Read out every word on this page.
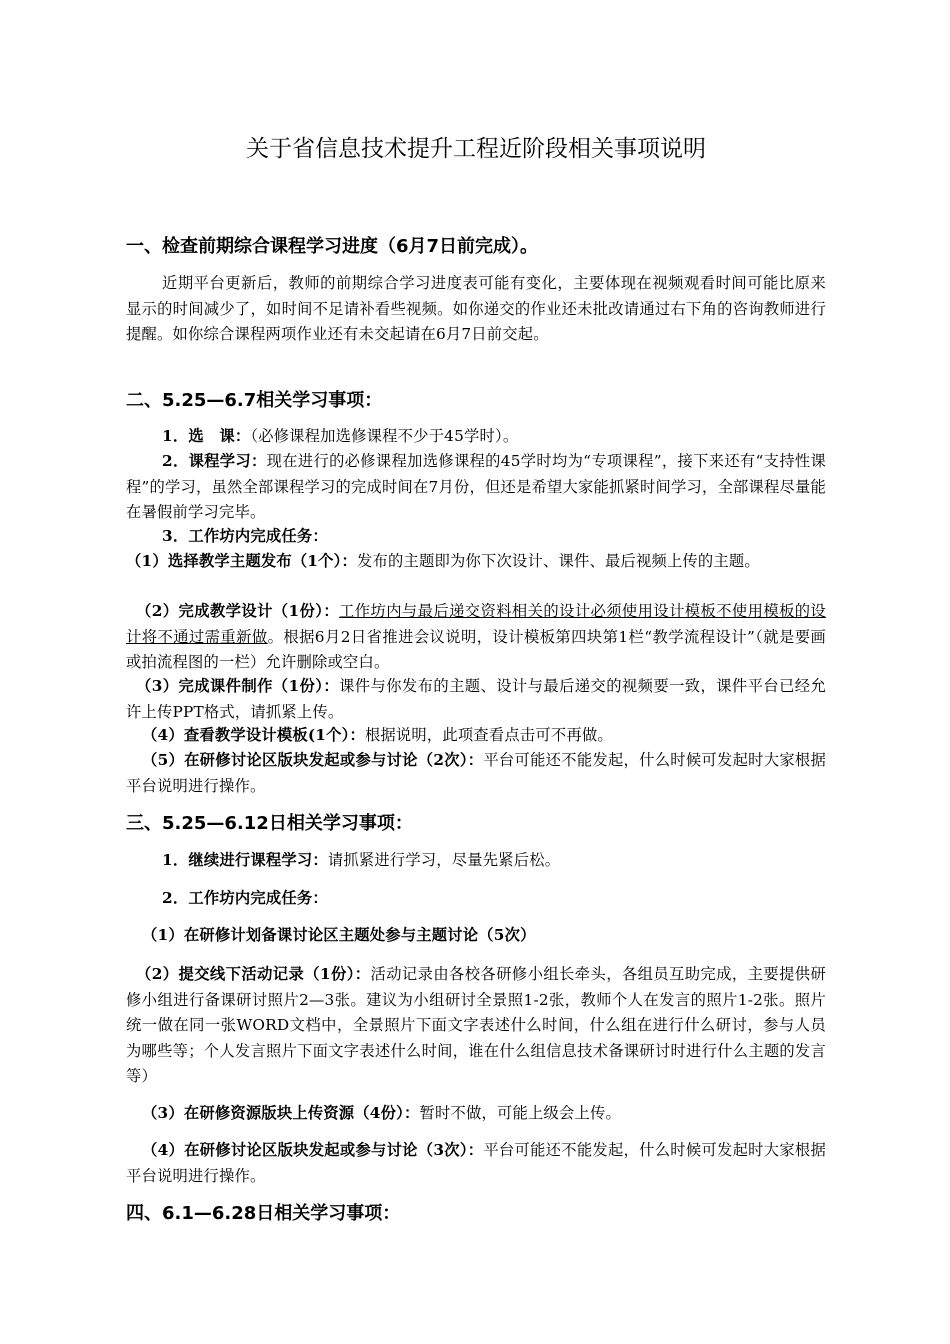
关于省信息技术提升工程近阶段相关事项说明
一、检查前期综合课程学习进度（6月7日前完成）。
近期平台更新后，教师的前期综合学习进度表可能有变化，主要体现在视频观看时间可能比原来显示的时间减少了，如时间不足请补看些视频。如你递交的作业还未批改请通过右下角的咨询教师进行提醒。如你综合课程两项作业还有未交起请在6月7日前交起。
二、5.25—6.7相关学习事项：
1．选　课：（必修课程加选修课程不少于45学时）。
2．课程学习：现在进行的必修课程加选修课程的45学时均为“专项课程”，接下来还有“支持性课程”的学习，虽然全部课程学习的完成时间在7月份，但还是希望大家能抓紧时间学习，全部课程尽量能在暑假前学习完毕。
3．工作坊内完成任务：
（1）选择教学主题发布（1个）：发布的主题即为你下次设计、课件、最后视频上传的主题。
（2）完成教学设计（1份）：工作坊内与最后递交资料相关的设计必须使用设计模板不使用模板的设计将不通过需重新做。根据6月2日省推进会议说明，设计模板第四块第1栏“教学流程设计”（就是要画或拍流程图的一栏）允许删除或空白。
（3）完成课件制作（1份）：课件与你发布的主题、设计与最后递交的视频要一致，课件平台已经允许上传PPT格式，请抓紧上传。
（4）查看教学设计模板(1个）：根据说明，此项查看点击可不再做。
（5）在研修讨论区版块发起或参与讨论（2次）：平台可能还不能发起，什么时候可发起时大家根据平台说明进行操作。
三、5.25—6.12日相关学习事项：
1．继续进行课程学习：请抓紧进行学习，尽量先紧后松。
2．工作坊内完成任务：
（1）在研修计划备课讨论区主题处参与主题讨论（5次）
（2）提交线下活动记录（1份）：活动记录由各校各研修小组长牵头，各组员互助完成，主要提供研修小组进行备课研讨照片2—3张。建议为小组研讨全景照1-2张，教师个人在发言的照片1-2张。照片统一做在同一张WORD文档中，全景照片下面文字表述什么时间，什么组在进行什么研讨，参与人员为哪些等；个人发言照片下面文字表述什么时间，谁在什么组信息技术备课研讨时进行什么主题的发言等）
（3）在研修资源版块上传资源（4份）：暂时不做，可能上级会上传。
（4）在研修讨论区版块发起或参与讨论（3次）：平台可能还不能发起，什么时候可发起时大家根据平台说明进行操作。
四、6.1—6.28日相关学习事项：
